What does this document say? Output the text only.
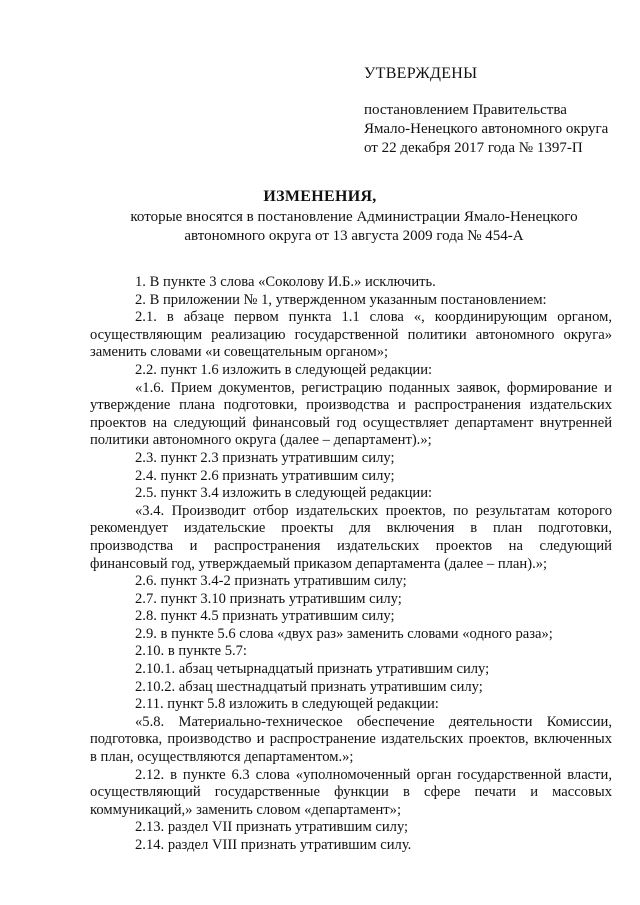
УТВЕРЖДЕНЫ
постановлением Правительства
Ямало-Ненецкого автономного округа
от 22 декабря 2017 года № 1397-П
ИЗМЕНЕНИЯ,
которые вносятся в постановление Администрации Ямало-Ненецкого
автономного округа от 13 августа 2009 года № 454-А

1. В пункте 3 слова «Соколову И.Б.» исключить.

2. В приложении № 1, утвержденном указанным постановлением:

2.1. в абзаце первом пункта 1.1 слова «, координирующим органом, осуществляющим реализацию государственной политики автономного округа» заменить словами «и совещательным органом»;

2.2. пункт 1.6 изложить в следующей редакции:

«1.6. Прием документов, регистрацию поданных заявок, формирование и утверждение плана подготовки, производства и распространения издательских проектов на следующий финансовый год осуществляет департамент внутренней политики автономного округа (далее – департамент).»;

2.3. пункт 2.3 признать утратившим силу;

2.4. пункт 2.6 признать утратившим силу;

2.5. пункт 3.4 изложить в следующей редакции:

«3.4. Производит отбор издательских проектов, по результатам которого рекомендует издательские проекты для включения в план подготовки, производства и распространения издательских проектов на следующий финансовый год, утверждаемый приказом департамента (далее – план).»;

2.6. пункт 3.4-2 признать утратившим силу;

2.7. пункт 3.10 признать утратившим силу;

2.8. пункт 4.5 признать утратившим силу;

2.9. в пункте 5.6 слова «двух раз» заменить словами «одного раза»;

2.10. в пункте 5.7:

2.10.1. абзац четырнадцатый признать утратившим силу;

2.10.2. абзац шестнадцатый признать утратившим силу;

2.11. пункт 5.8 изложить в следующей редакции:

«5.8. Материально-техническое обеспечение деятельности Комиссии, подготовка, производство и распространение издательских проектов, включенных в план, осуществляются департаментом.»;

2.12. в пункте 6.3 слова «уполномоченный орган государственной власти, осуществляющий государственные функции в сфере печати и массовых коммуникаций,» заменить словом «департамент»;

2.13. раздел VII признать утратившим силу;

2.14. раздел VIII признать утратившим силу.
